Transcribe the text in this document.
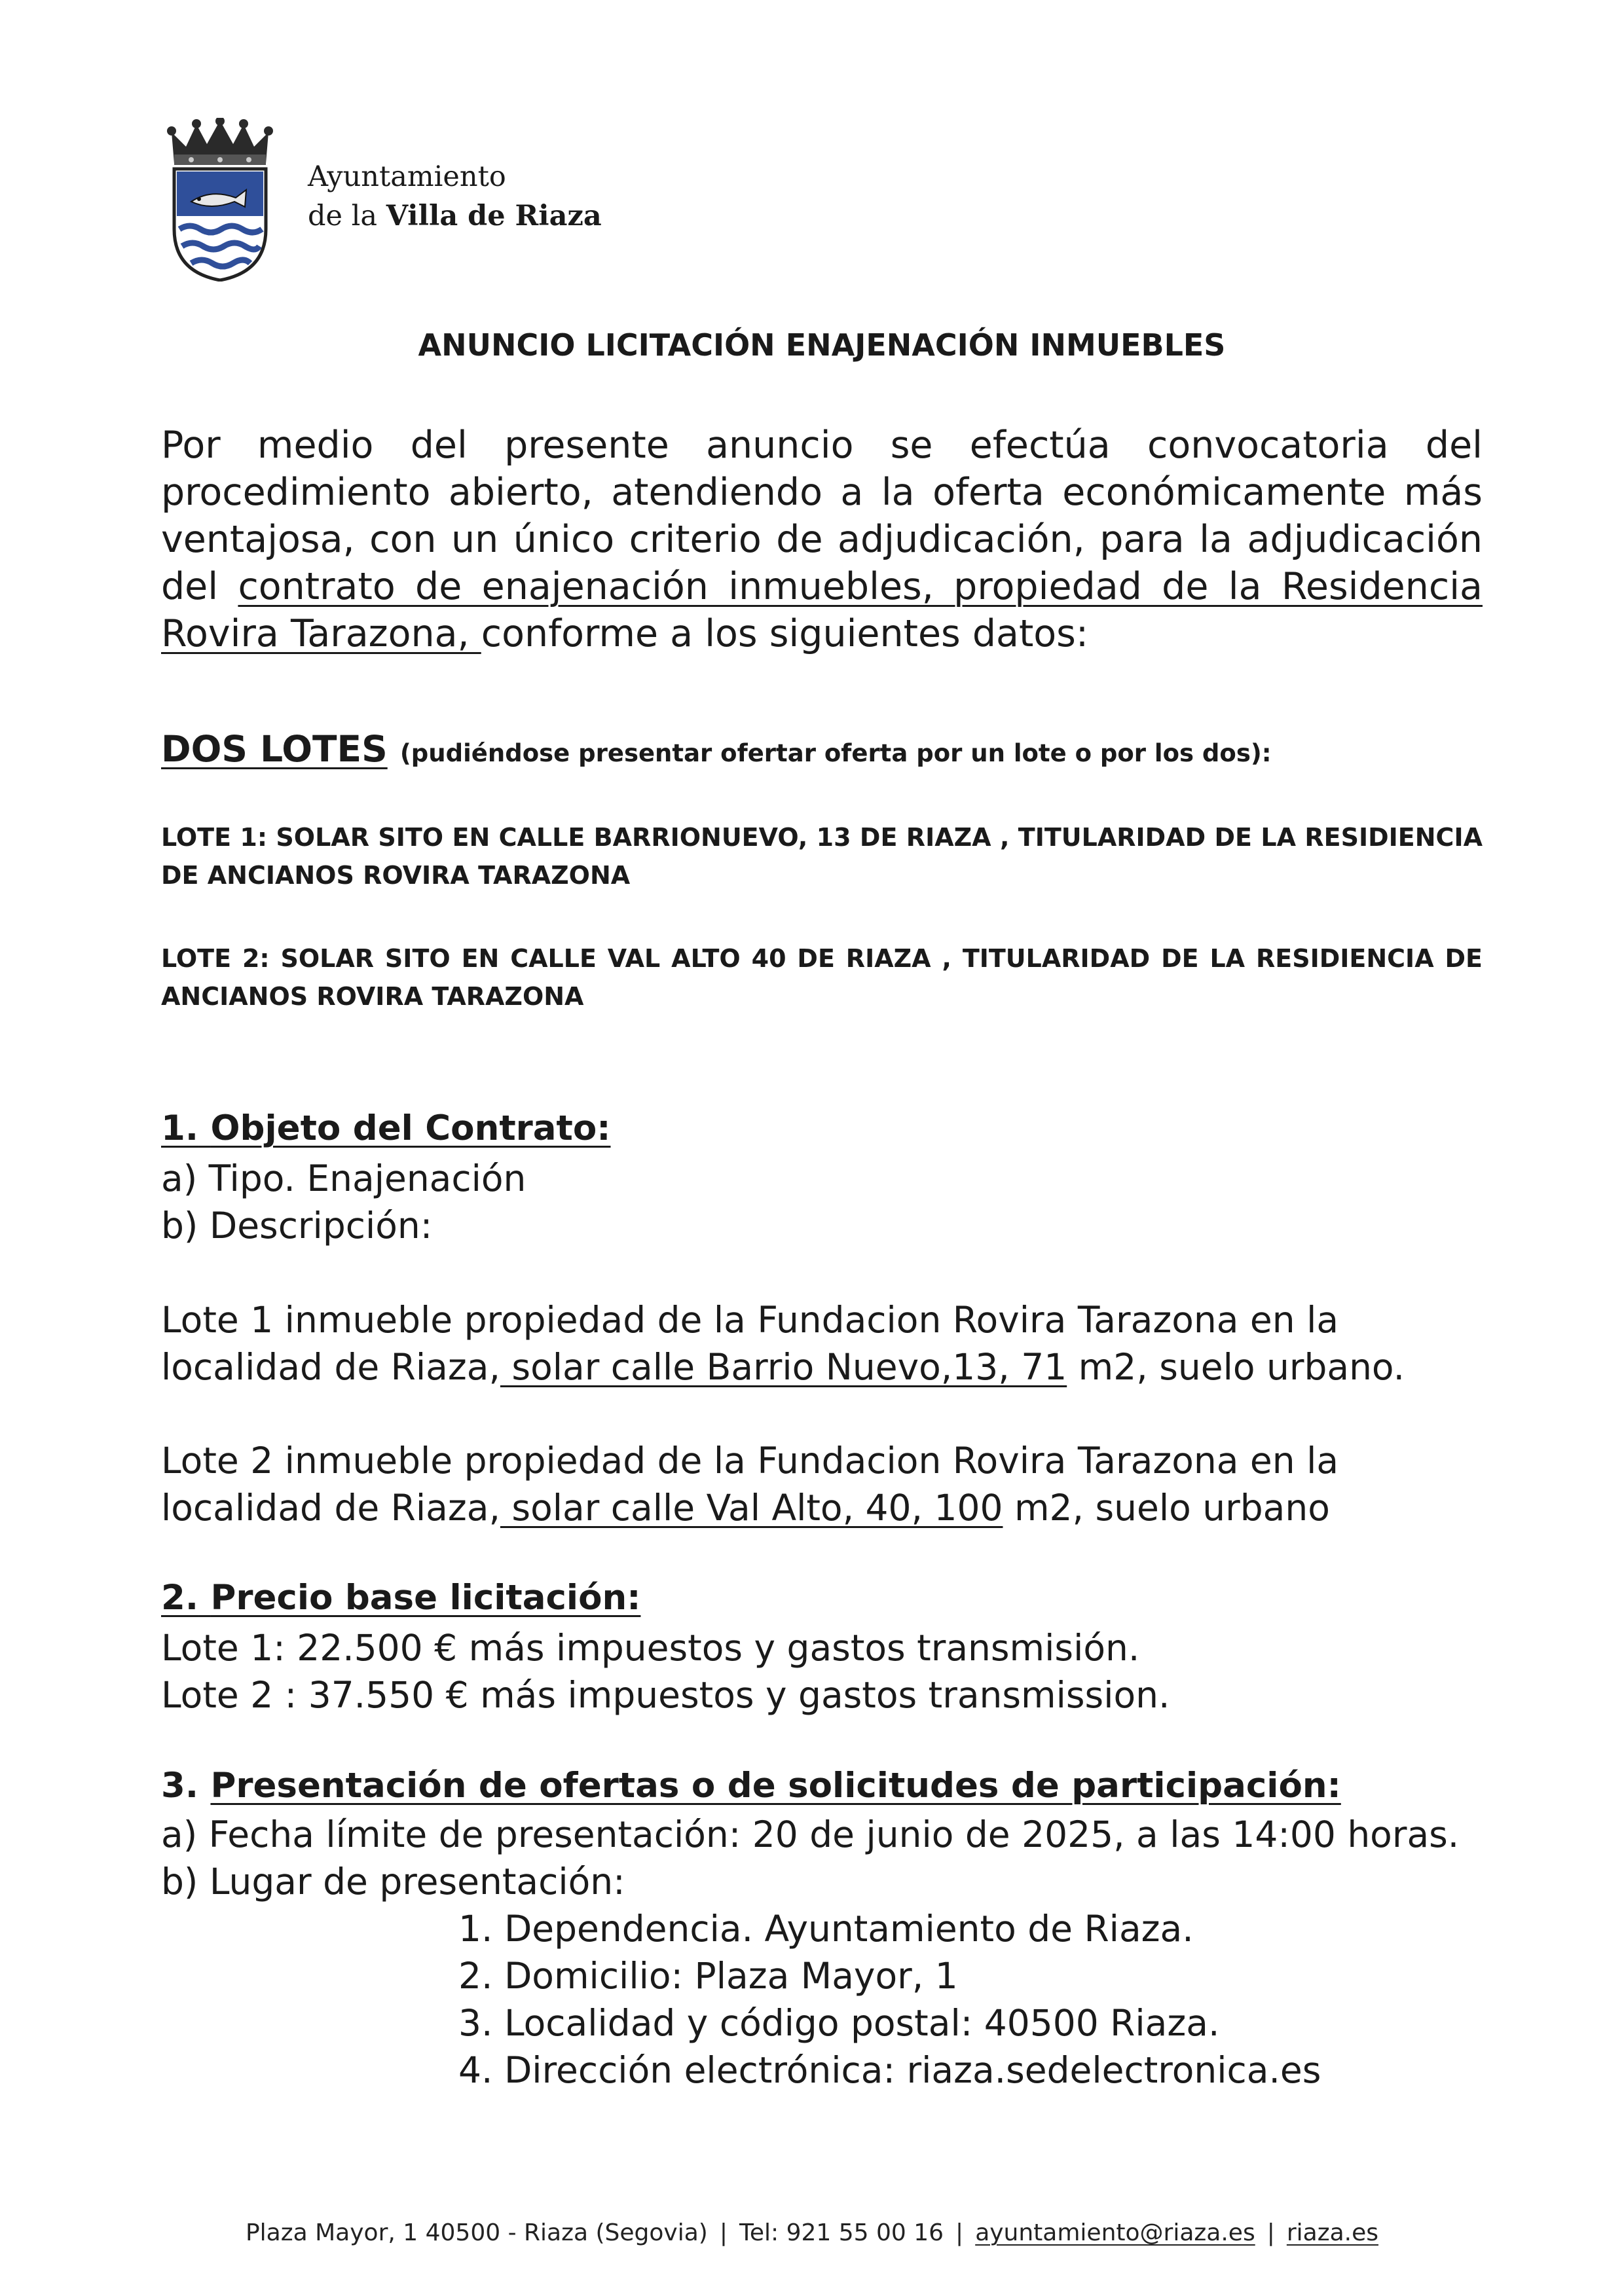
Ayuntamiento
de la Villa de Riaza
ANUNCIO LICITACIÓN ENAJENACIÓN INMUEBLES
Por medio del presente anuncio se efectúa convocatoria del procedimiento abierto, atendiendo a la oferta económicamente más ventajosa, con un único criterio de adjudicación, para la adjudicación del contrato de enajenación inmuebles, propiedad de la Residencia Rovira Tarazona, conforme a los siguientes datos:
DOS LOTES (pudiéndose presentar ofertar oferta por un lote o por los dos):
LOTE 1: SOLAR SITO EN CALLE BARRIONUEVO, 13 DE RIAZA , TITULARIDAD DE LA RESIDIENCIA DE ANCIANOS ROVIRA TARAZONA
LOTE 2: SOLAR SITO EN CALLE VAL ALTO 40 DE RIAZA , TITULARIDAD DE LA RESIDIENCIA DE ANCIANOS ROVIRA TARAZONA
1. Objeto del Contrato:
a) Tipo. Enajenación
b) Descripción:
Lote 1 inmueble propiedad de la Fundacion Rovira Tarazona en la localidad de Riaza, solar calle Barrio Nuevo,13, 71 m2, suelo urbano.
Lote 2 inmueble propiedad de la Fundacion Rovira Tarazona en la localidad de Riaza, solar calle Val Alto, 40, 100 m2, suelo urbano
2. Precio base licitación:
Lote 1: 22.500 € más impuestos y gastos transmisión.
Lote 2 : 37.550 € más impuestos y gastos transmission.
3. Presentación de ofertas o de solicitudes de participación:
a) Fecha límite de presentación: 20 de junio de 2025, a las 14:00 horas.
b) Lugar de presentación:
1. Dependencia. Ayuntamiento de Riaza.
2. Domicilio: Plaza Mayor, 1
3. Localidad y código postal: 40500 Riaza.
4. Dirección electrónica: riaza.sedelectronica.es
Plaza Mayor, 1 40500 - Riaza (Segovia) | Tel: 921 55 00 16 | ayuntamiento@riaza.es | riaza.es
